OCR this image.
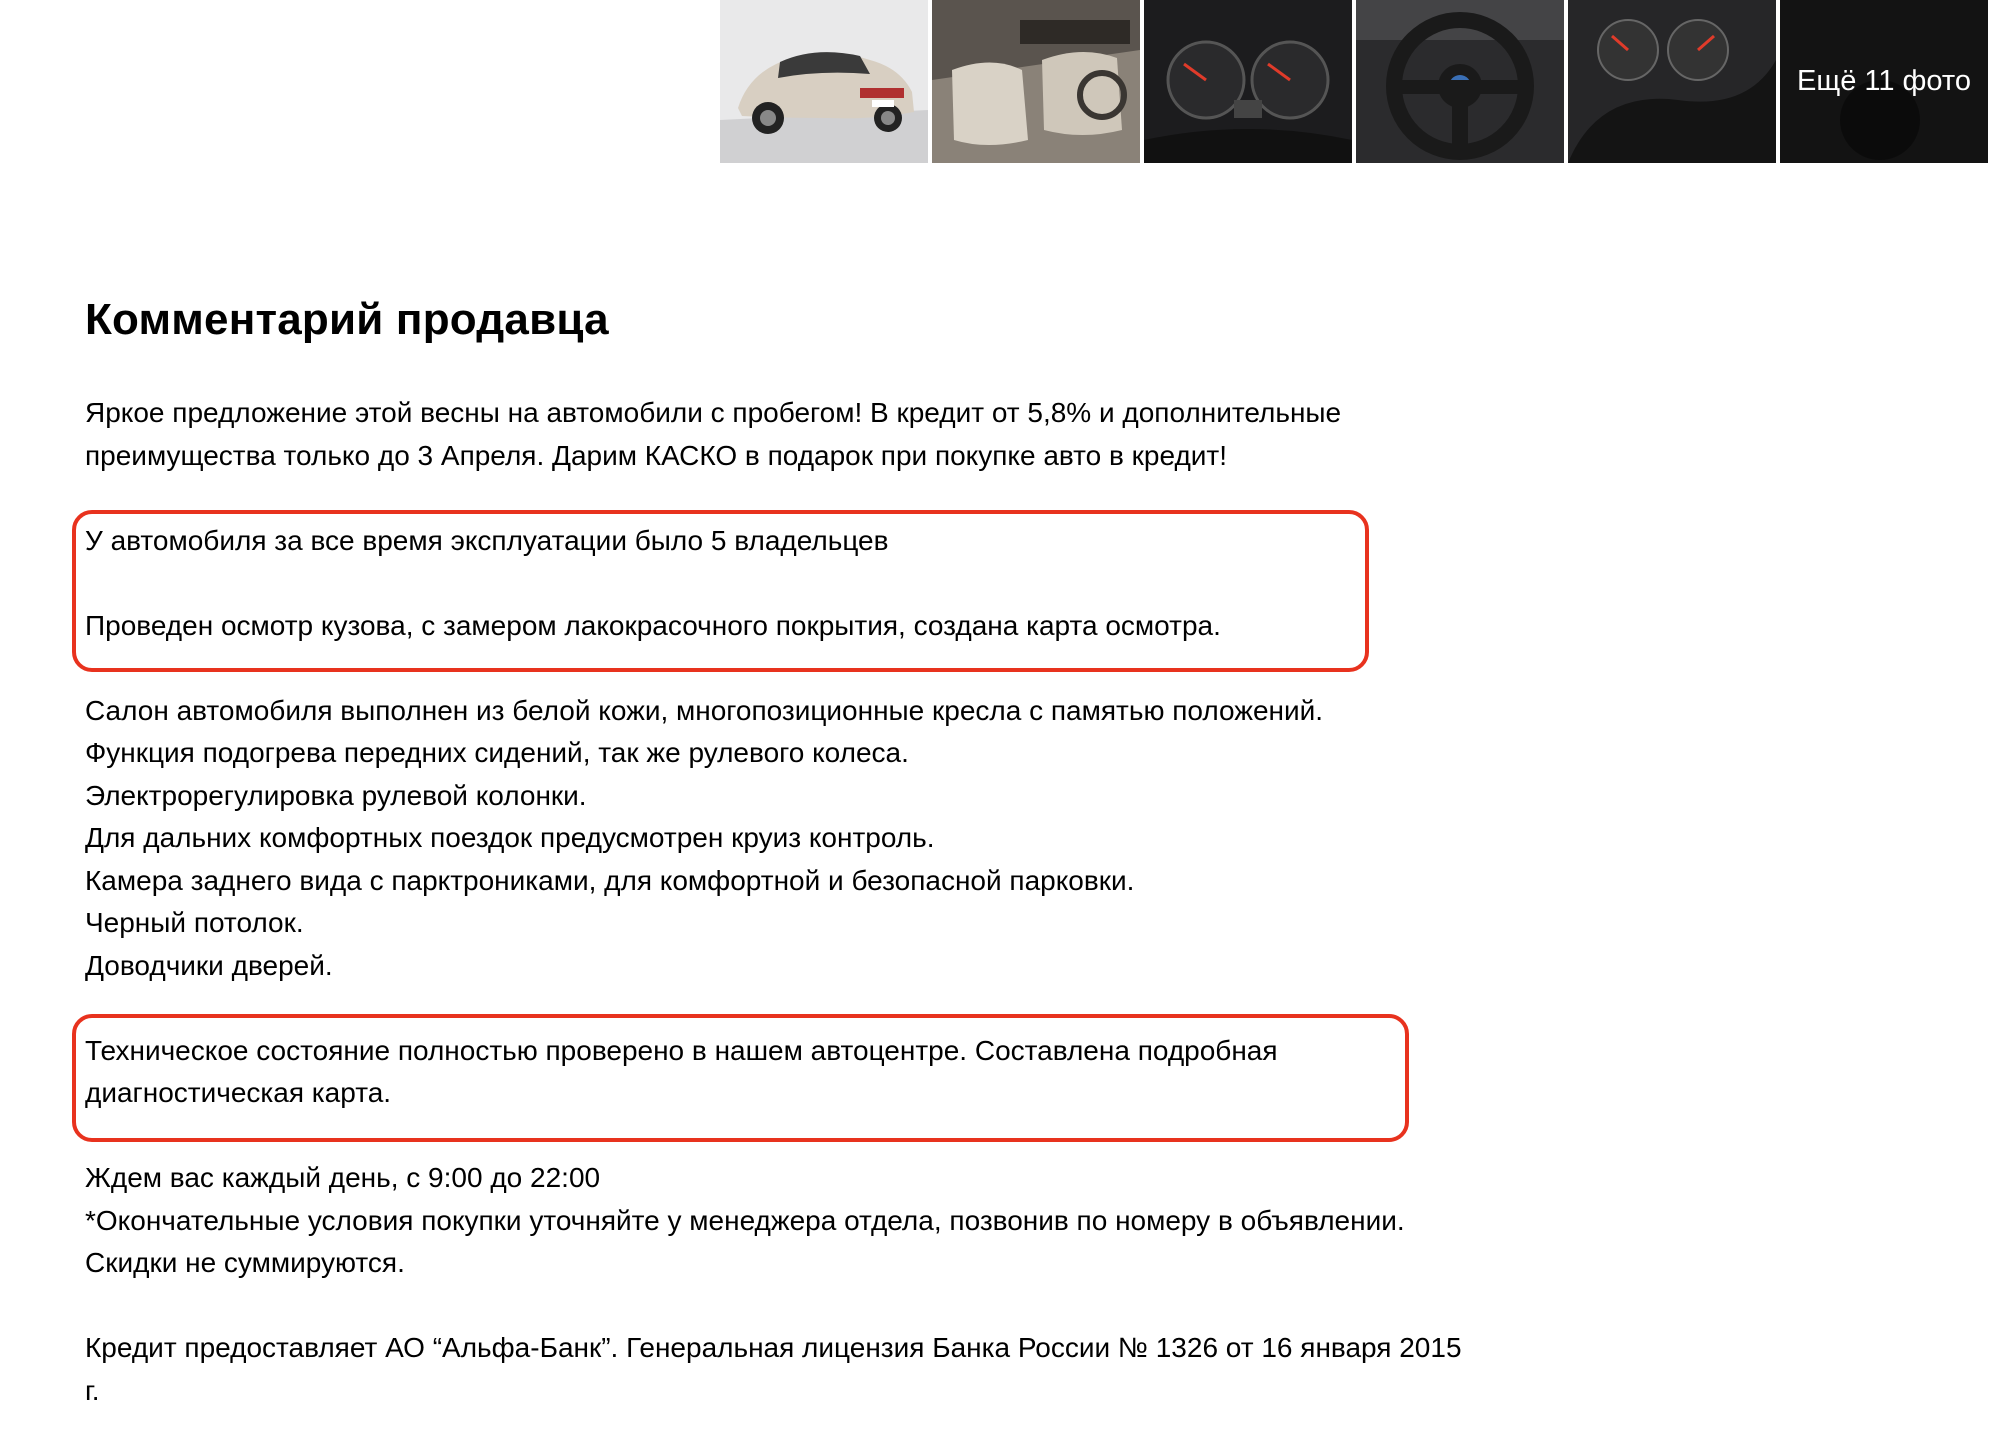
Ещё 11 фото
Комментарий продавца

Яркое предложение этой весны на автомобили с пробегом! В кредит от 5,8% и дополнительные
преимущества только до 3 Апреля. Дарим КАСКО в подарок при покупке авто в кредит!

У автомобиля за все время эксплуатации было 5 владельцев

Проведен осмотр кузова, с замером лакокрасочного покрытия, создана карта осмотра.

Салон автомобиля выполнен из белой кожи, многопозиционные кресла с памятью положений.
Функция подогрева передних сидений, так же рулевого колеса.
Электрорегулировка рулевой колонки.
Для дальних комфортных поездок предусмотрен круиз контроль.
Камера заднего вида с парктрониками, для комфортной и безопасной парковки.
Черный потолок.
Доводчики дверей.

Техническое состояние полностью проверено в нашем автоцентре. Составлена подробная
диагностическая карта.

Ждем вас каждый день, с 9:00 до 22:00
*Окончательные условия покупки уточняйте у менеджера отдела, позвонив по номеру в объявлении.
Скидки не суммируются.

Кредит предоставляет АО “Альфа-Банк”. Генеральная лицензия Банка России № 1326 от 16 января 2015
г.
